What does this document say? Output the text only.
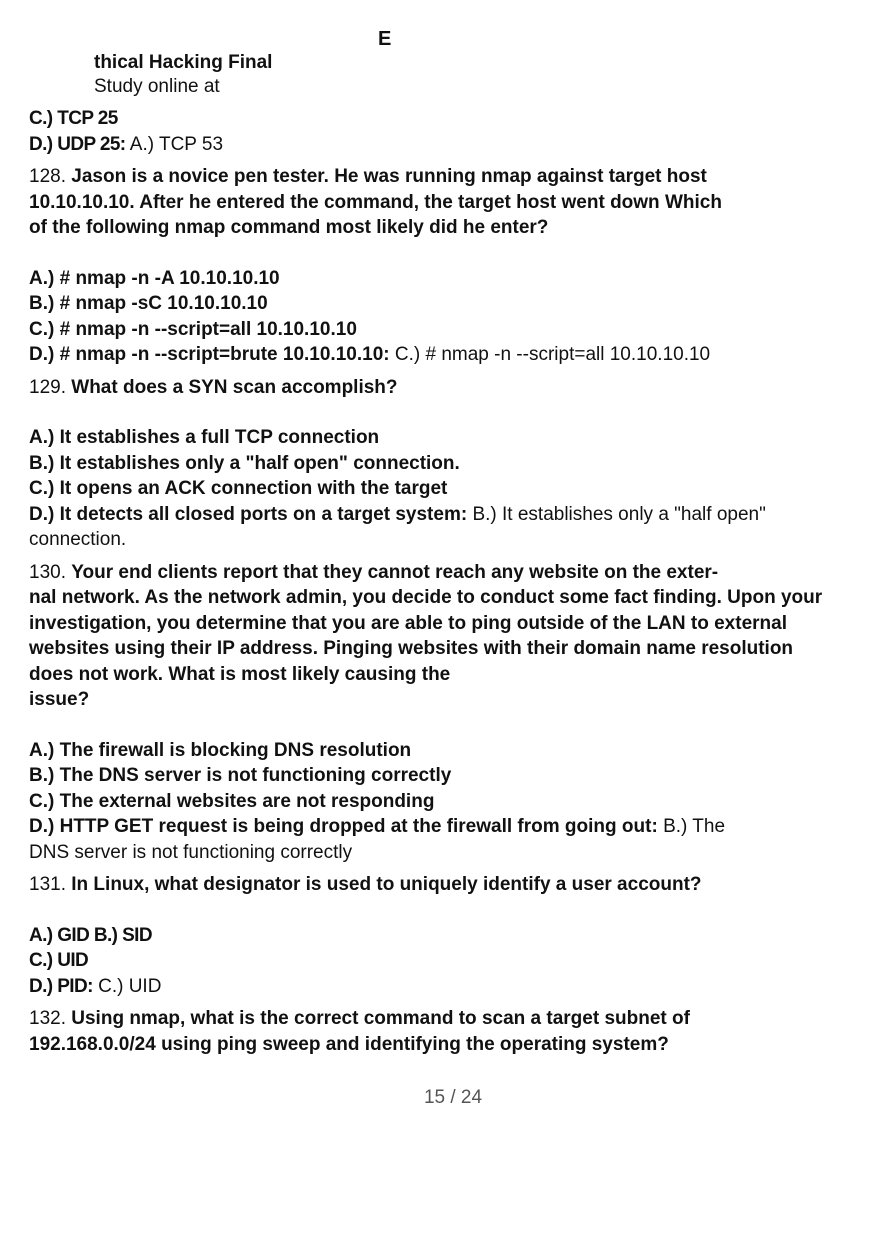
E
thical Hacking Final
Study online at
C.) TCP 25
D.) UDP 25: A.) TCP 53
128. Jason is a novice pen tester. He was running nmap against target host
10.10.10.10. After he entered the command, the target host went down Which
of the following nmap command most likely did he enter?
A.) # nmap -n -A 10.10.10.10
B.) # nmap -sC 10.10.10.10
C.) # nmap -n --script=all 10.10.10.10
D.) # nmap -n --script=brute 10.10.10.10: C.) # nmap -n --script=all 10.10.10.10
129. What does a SYN scan accomplish?
A.) It establishes a full TCP connection
B.) It establishes only a "half open" connection.
C.) It opens an ACK connection with the target
D.) It detects all closed ports on a target system: B.) It establishes only a "half open"
connection.
130. Your end clients report that they cannot reach any website on the exter-
nal network. As the network admin, you decide to conduct some fact finding. Upon your
investigation, you determine that you are able to ping outside of the LAN to external
websites using their IP address. Pinging websites with their domain name resolution
does not work. What is most likely causing the
issue?
A.) The firewall is blocking DNS resolution
B.) The DNS server is not functioning correctly
C.) The external websites are not responding
D.) HTTP GET request is being dropped at the firewall from going out: B.) The
DNS server is not functioning correctly
131. In Linux, what designator is used to uniquely identify a user account?
A.) GID B.) SID
C.) UID
D.) PID: C.) UID
132. Using nmap, what is the correct command to scan a target subnet of
192.168.0.0/24 using ping sweep and identifying the operating system?
15 / 24
